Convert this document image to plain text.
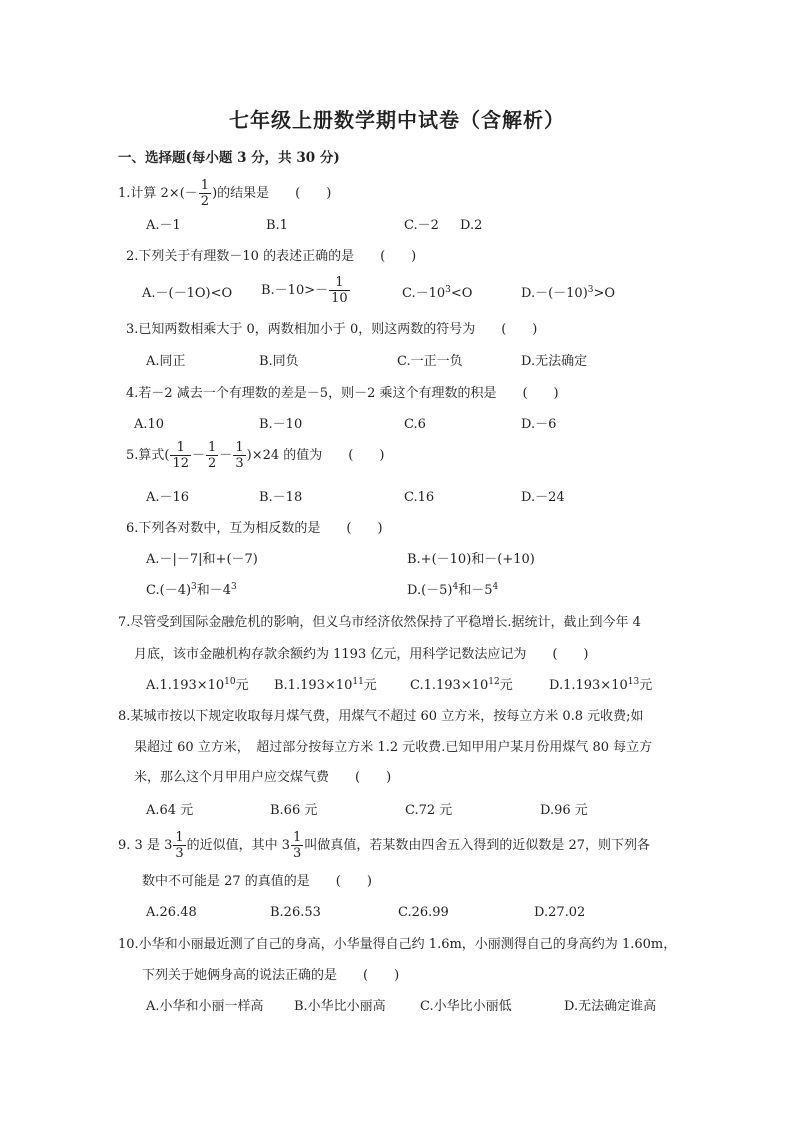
七年级上册数学期中试卷（含解析）
一、选择题(每小题 3 分，共 30 分)
1.计算 $2\times(- \frac{1}{2}$ )的结果是　　(　　)
A.－1	B.1	C.－2 D.2
2.下列关于有理数－10 的表述正确的是　　(　　)
A.－(－1O)<O $B.-10>- \frac{1}{10}$	$C.-10^3<O$	$D.-(-10)^3>O$
3.已知两数相乘大于 0，两数相加小于 0，则这两数的符号为　　(　　)
A.同正	B.同负	C.一正一负	D.无法确定
4.若－2 减去一个有理数的差是－5，则－2 乘这个有理数的积是　　(　　)
A.10	B.－10	C.6	D.－6
5.算式( $\frac{1}{12} - \frac{1}{2} - \frac{1}{3} )\times 24$ 的值为　　(　　)
A.－16	B.－18	C.16	D.－24
6.下列各对数中，互为相反数的是　　(　　)
A.－|－7|和+(－7)	B.+(－10)和－(+10)
$C.(-4)^3$和$-4^3$	$D.(-5)^4$和$-5^4$
7.尽管受到国际金融危机的影响，但义乌市经济依然保持了平稳增长.据统计，截止到今年 4
月底，该市金融机构存款余额约为 1193 亿元，用科学记数法应记为　　(　　)
$A.1.193\times 10^{10}$元 $B.1.193\times 10^{11}$元	$C.1.193\times 10^{12}$元	$D.1.193\times 10^{13}$元
8.某城市按以下规定收取每月煤气费，用煤气不超过 60 立方米，按每立方米 0.8 元收费;如
果超过 60 立方米，　超过部分按每立方米 1.2 元收费.已知甲用户某月份用煤气 80 每立方
米，那么这个月甲用户应交煤气费　　(　　)
A.64 元	B.66 元	C.72 元	D.96 元
9. 3 是 $3 \frac{1}{3}$ 的近似值，其中 $3 \frac{1}{3}$ 叫做真值，若某数由四舍五入得到的近似数是 27，则下列各
数中不可能是 27 的真值的是　　(　　)
A.26.48	B.26.53	C.26.99	D.27.02
10.小华和小丽最近测了自己的身高，小华量得自己约 1.6m，小丽测得自己的身高约为 1.60m，
下列关于她俩身高的说法正确的是　　(　　)
A.小华和小丽一样高 B.小华比小丽高	C.小华比小丽低	D.无法确定谁高
